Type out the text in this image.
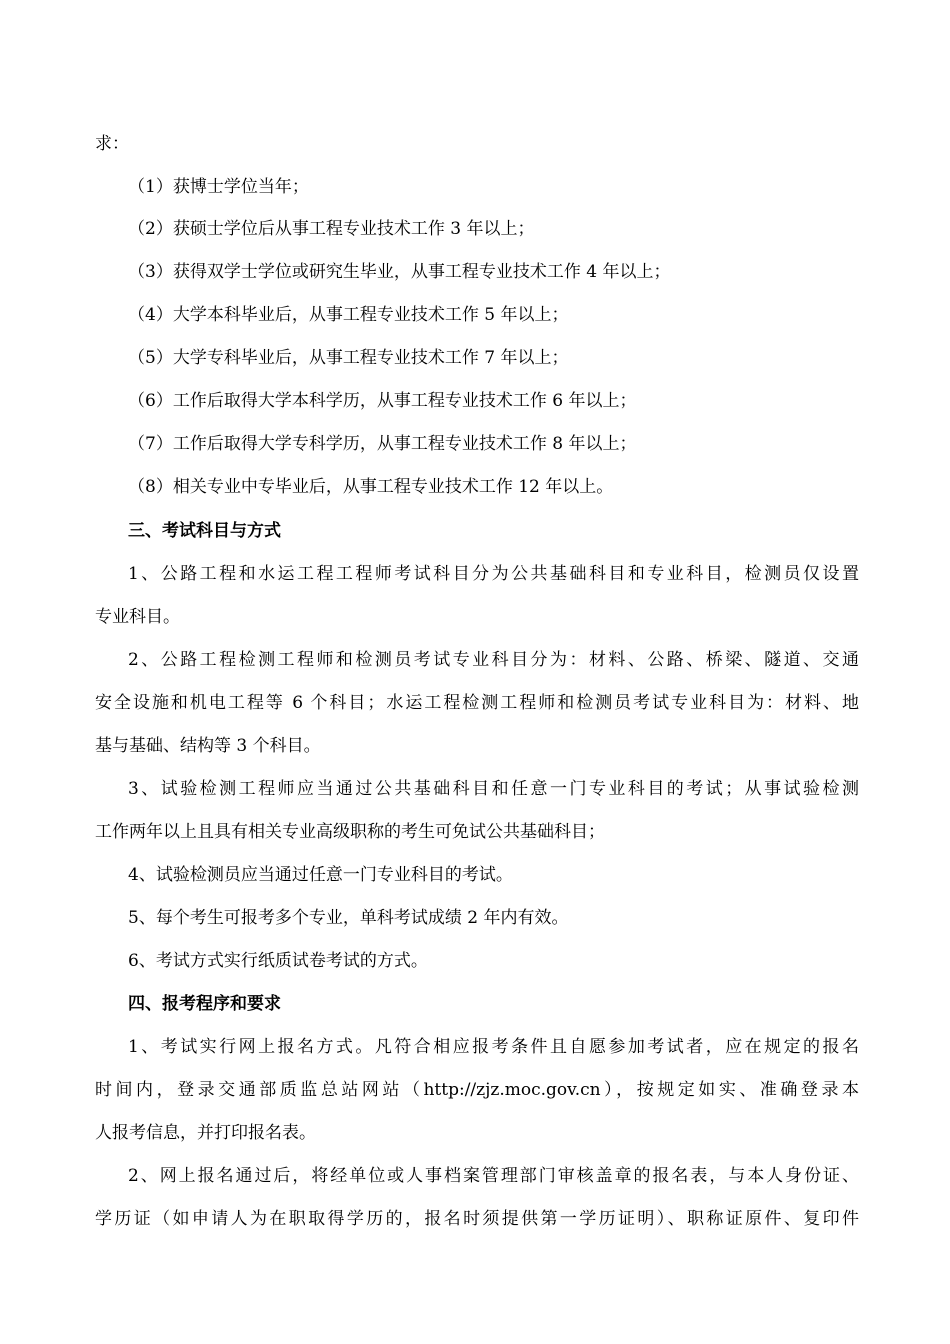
求：
（1）获博士学位当年；
（2）获硕士学位后从事工程专业技术工作 3 年以上；
（3）获得双学士学位或研究生毕业，从事工程专业技术工作 4 年以上；
（4）大学本科毕业后，从事工程专业技术工作 5 年以上；
（5）大学专科毕业后，从事工程专业技术工作 7 年以上；
（6）工作后取得大学本科学历，从事工程专业技术工作 6 年以上；
（7）工作后取得大学专科学历，从事工程专业技术工作 8 年以上；
（8）相关专业中专毕业后，从事工程专业技术工作 12 年以上。
三、考试科目与方式
1、公路工程和水运工程工程师考试科目分为公共基础科目和专业科目，检测员仅设置
专业科目。
2、公路工程检测工程师和检测员考试专业科目分为：材料、公路、桥梁、隧道、交通
安全设施和机电工程等 6 个科目；水运工程检测工程师和检测员考试专业科目为：材料、地
基与基础、结构等 3 个科目。
3、试验检测工程师应当通过公共基础科目和任意一门专业科目的考试；从事试验检测
工作两年以上且具有相关专业高级职称的考生可免试公共基础科目；
4、试验检测员应当通过任意一门专业科目的考试。
5、每个考生可报考多个专业，单科考试成绩 2 年内有效。
6、考试方式实行纸质试卷考试的方式。
四、报考程序和要求
1、考试实行网上报名方式。凡符合相应报考条件且自愿参加考试者，应在规定的报名
时间内，登录交通部质监总站网站（http://zjz.moc.gov.cn），按规定如实、准确登录本
人报考信息，并打印报名表。
2、网上报名通过后，将经单位或人事档案管理部门审核盖章的报名表，与本人身份证、
学历证（如申请人为在职取得学历的，报名时须提供第一学历证明）、职称证原件、复印件
